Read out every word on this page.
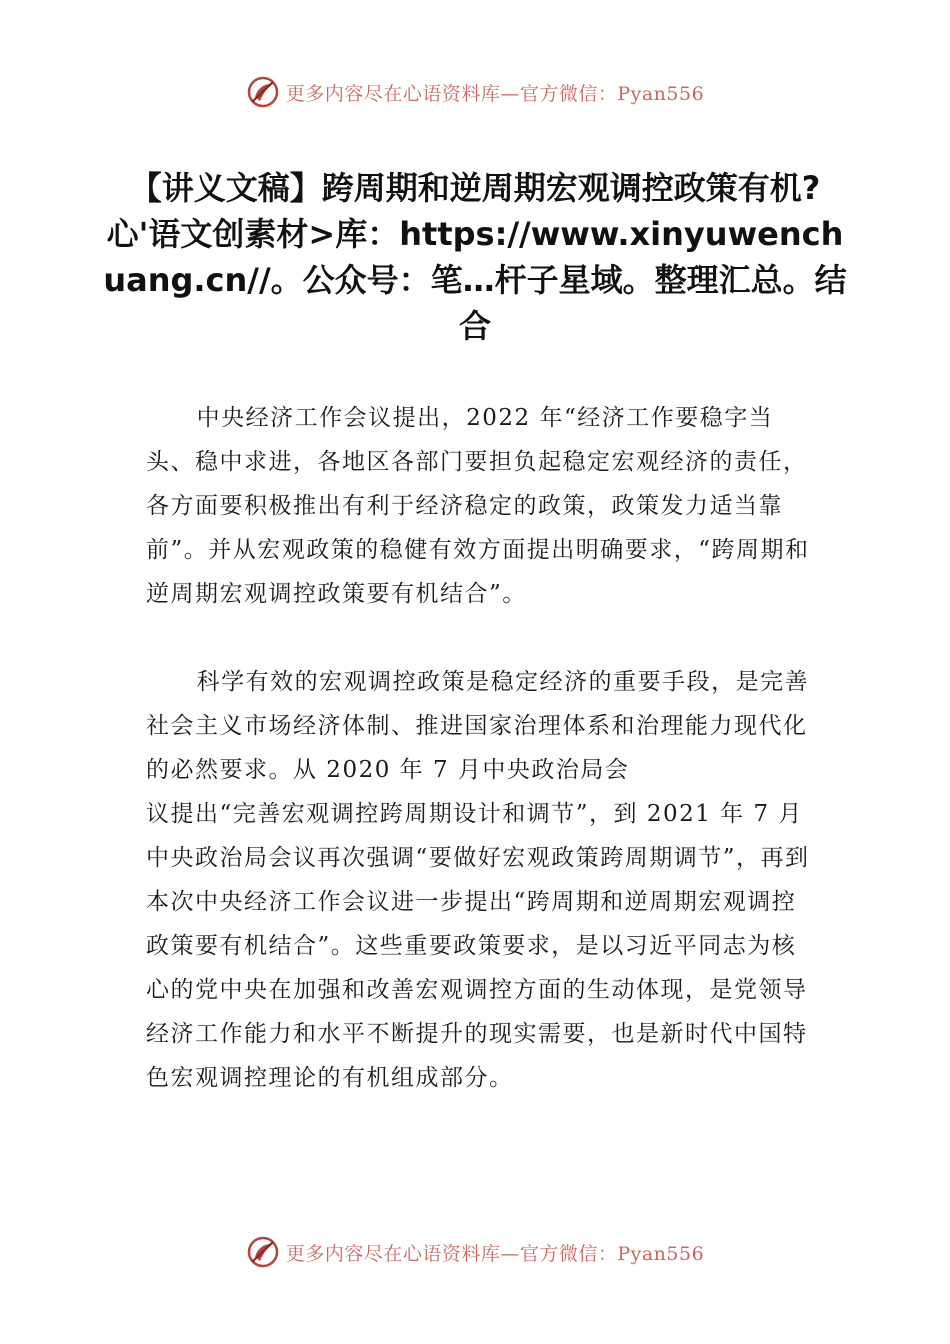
更多内容尽在心语资料库—官方微信：Pyan556
【讲义文稿】跨周期和逆周期宏观调控政策有机?心'语文创素材>库：https://www.xinyuwenchuang.cn//。公众号：笔…杆子星域。整理汇总。结合

中央经济工作会议提出，2022 年“经济工作要稳字当头、稳中求进，各地区各部门要担负起稳定宏观经济的责任，各方面要积极推出有利于经济稳定的政策，政策发力适当靠前”。并从宏观政策的稳健有效方面提出明确要求，“跨周期和逆周期宏观调控政策要有机结合”。

科学有效的宏观调控政策是稳定经济的重要手段，是完善社会主义市场经济体制、推进国家治理体系和治理能力现代化的必然要求。从 2020 年 7 月中央政治局会

议提出“完善宏观调控跨周期设计和调节”，到 2021 年 7 月中央政治局会议再次强调“要做好宏观政策跨周期调节”，再到本次中央经济工作会议进一步提出“跨周期和逆周期宏观调控政策要有机结合”。这些重要政策要求，是以习近平同志为核心的党中央在加强和改善宏观调控方面的生动体现，是党领导经济工作能力和水平不断提升的现实需要，也是新时代中国特色宏观调控理论的有机组成部分。

更多内容尽在心语资料库—官方微信：Pyan556
